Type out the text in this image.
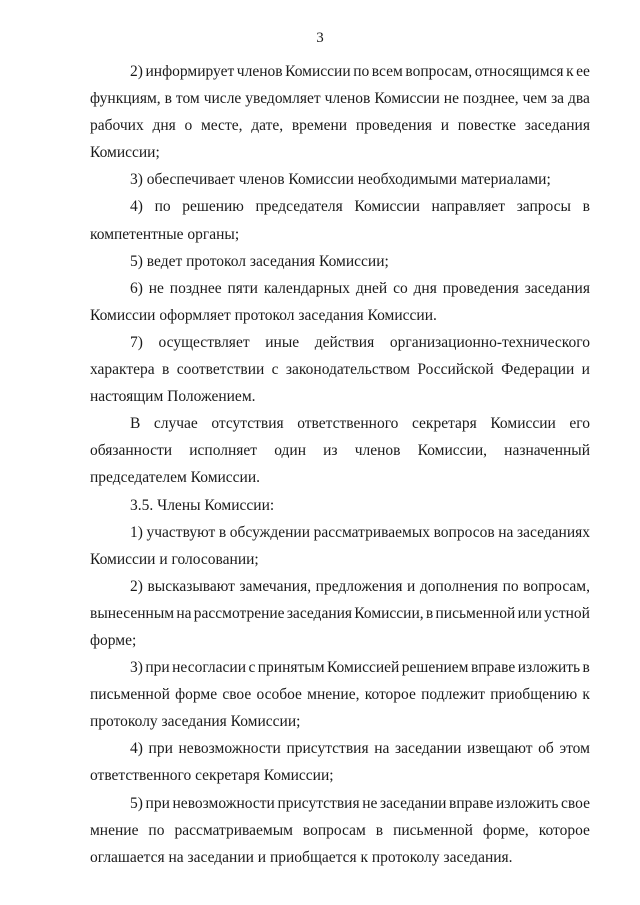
3
2) информирует членов Комиссии по всем вопросам, относящимся к ее
функциям, в том числе уведомляет членов Комиссии не позднее, чем за два
рабочих дня о месте, дате, времени проведения и повестке заседания
Комиссии;
3) обеспечивает членов Комиссии необходимыми материалами;
4) по решению председателя Комиссии направляет запросы в
компетентные органы;
5) ведет протокол заседания Комиссии;
6) не позднее пяти календарных дней со дня проведения заседания
Комиссии оформляет протокол заседания Комиссии.
7) осуществляет иные действия организационно-технического
характера в соответствии с законодательством Российской Федерации и
настоящим Положением.
В случае отсутствия ответственного секретаря Комиссии его
обязанности исполняет один из членов Комиссии, назначенный
председателем Комиссии.
3.5. Члены Комиссии:
1) участвуют в обсуждении рассматриваемых вопросов на заседаниях
Комиссии и голосовании;
2) высказывают замечания, предложения и дополнения по вопросам,
вынесенным на рассмотрение заседания Комиссии, в письменной или устной
форме;
3) при несогласии с принятым Комиссией решением вправе изложить в
письменной форме свое особое мнение, которое подлежит приобщению к
протоколу заседания Комиссии;
4) при невозможности присутствия на заседании извещают об этом
ответственного секретаря Комиссии;
5) при невозможности присутствия не заседании вправе изложить свое
мнение по рассматриваемым вопросам в письменной форме, которое
оглашается на заседании и приобщается к протоколу заседания.
